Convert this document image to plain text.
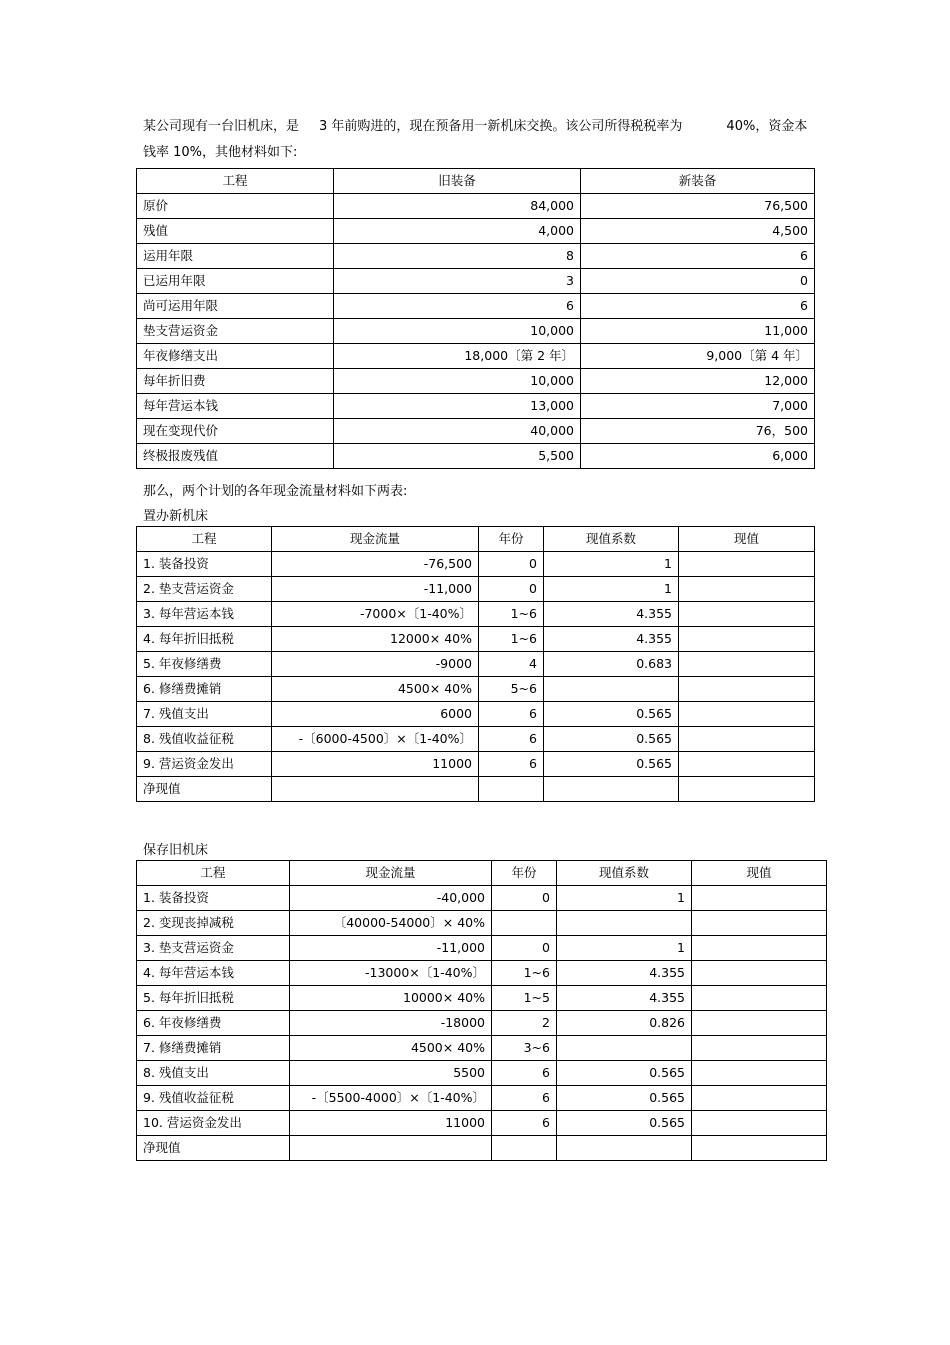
某公司现有一台旧机床，是 3 年前购进的，现在预备用一新机床交换。该公司所得税税率为	40%，资金本
钱率 10%，其他材料如下:
工程	旧装备	新装备
原价	84,000	76,500
残值	4,000	4,500
运用年限	8	6
已运用年限	3	0
尚可运用年限	6	6
垫支营运资金	10,000	11,000
年夜修缮支出	18,000〔第 2 年〕	9,000〔第 4 年〕
每年折旧费	10,000	12,000
每年营运本钱	13,000	7,000
现在变现代价	40,000	76，500
终极报废残值	5,500	6,000
那么，两个计划的各年现金流量材料如下两表:
置办新机床
工程	现金流量	年份	现值系数	现值
1. 装备投资	-76,500	0	1	
2. 垫支营运资金	-11,000	0	1	
3. 每年营运本钱	-7000×〔1-40%〕	1~6	4.355	
4. 每年折旧抵税	12000× 40%	1~6	4.355	
5. 年夜修缮费	-9000	4	0.683	
6. 修缮费摊销	4500× 40%	5~6		
7. 残值支出	6000	6	0.565	
8. 残值收益征税	-〔6000-4500〕×〔1-40%〕	6	0.565	
9. 营运资金发出	11000	6	0.565	
净现值				
保存旧机床
工程	现金流量	年份	现值系数	现值
1. 装备投资	-40,000	0	1	
2. 变现丧掉减税	〔40000-54000〕× 40%			
3. 垫支营运资金	-11,000	0	1	
4. 每年营运本钱	-13000×〔1-40%〕	1~6	4.355	
5. 每年折旧抵税	10000× 40%	1~5	4.355	
6. 年夜修缮费	-18000	2	0.826	
7. 修缮费摊销	4500× 40%	3~6		
8. 残值支出	5500	6	0.565	
9. 残值收益征税	-〔5500-4000〕×〔1-40%〕	6	0.565	
10. 营运资金发出	11000	6	0.565	
净现值				
